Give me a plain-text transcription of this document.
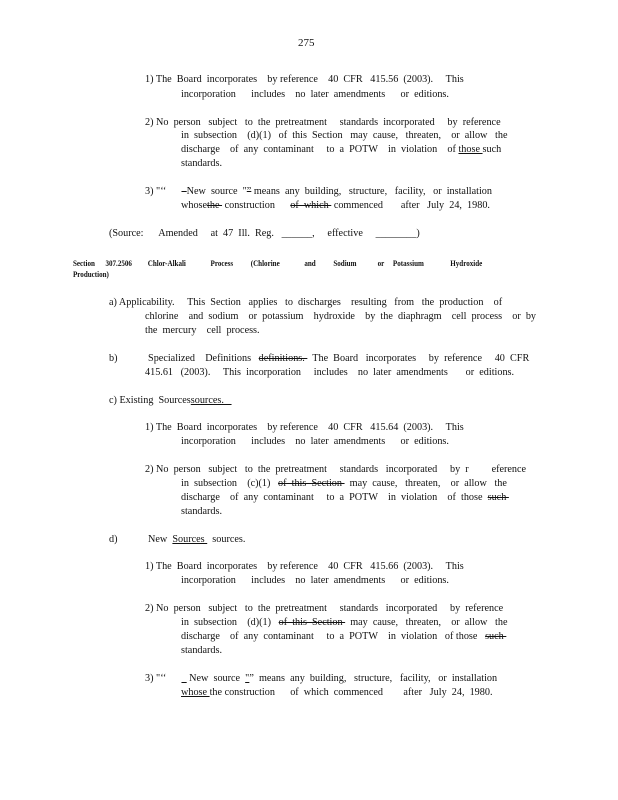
275
1) The  Board  incorporates    by reference    40  CFR   415.56  (2003).     This
incorporation      includes    no  later  amendments      or  editions.
2) No  person   subject   to  the  pretreatment     standards  incorporated     by  reference
in  subsection    (d)(1)   of  this  Section   may  cause,   threaten,    or  allow   the
discharge    of  any  contaminant     to  a  POTW    in  violation    of those such
standards.
3) "‘‘      –New  source  "” means  any  building,   structure,   facility,   or  installation
whosethe  construction      of  which  commenced       after   July  24,  1980.
(Source:      Amended     at  47  Ill.  Reg.   ______,     effective     ________)
Section      307.2506         Chlor-Alkali              Process          (Chlorine              and          Sodium            or     Potassium               Hydroxide
Production)
a) Applicability.     This  Section   applies   to  discharges    resulting   from   the  production    of
chlorine    and  sodium    or  potassium    hydroxide    by  the  diaphragm    cell  process    or  by
the  mercury    cell  process.
b)            Specialized    Definitions   definitions.   The  Board   incorporates     by  reference     40  CFR
415.61   (2003).     This  incorporation     includes    no  later  amendments       or  editions.
c) Existing  Sourcessources.
1) The  Board  incorporates    by reference    40  CFR   415.64  (2003).     This
incorporation      includes    no  later  amendments      or  editions.
2) No  person   subject   to  the  pretreatment     standards   incorporated     by  r         eference
in  subsection    (c)(1)   of  this  Section   may  cause,   threaten,    or  allow   the
discharge    of  any  contaminant     to  a  POTW    in  violation    of  those  such
standards.
d)            New  Sources   sources.
1) The  Board  incorporates    by reference    40  CFR   415.66  (2003).     This
incorporation      includes    no  later  amendments      or  editions.
2) No  person   subject   to  the  pretreatment     standards   incorporated     by  reference
in  subsection    (d)(1)   of  this  Section   may  cause,   threaten,    or  allow   the
discharge    of  any  contaminant     to  a  POTW    in  violation   of those   such
standards.
3) "‘‘      _ New  source  "”  means  any  building,   structure,   facility,   or  installation
whose the construction      of  which  commenced        after   July  24,  1980.
